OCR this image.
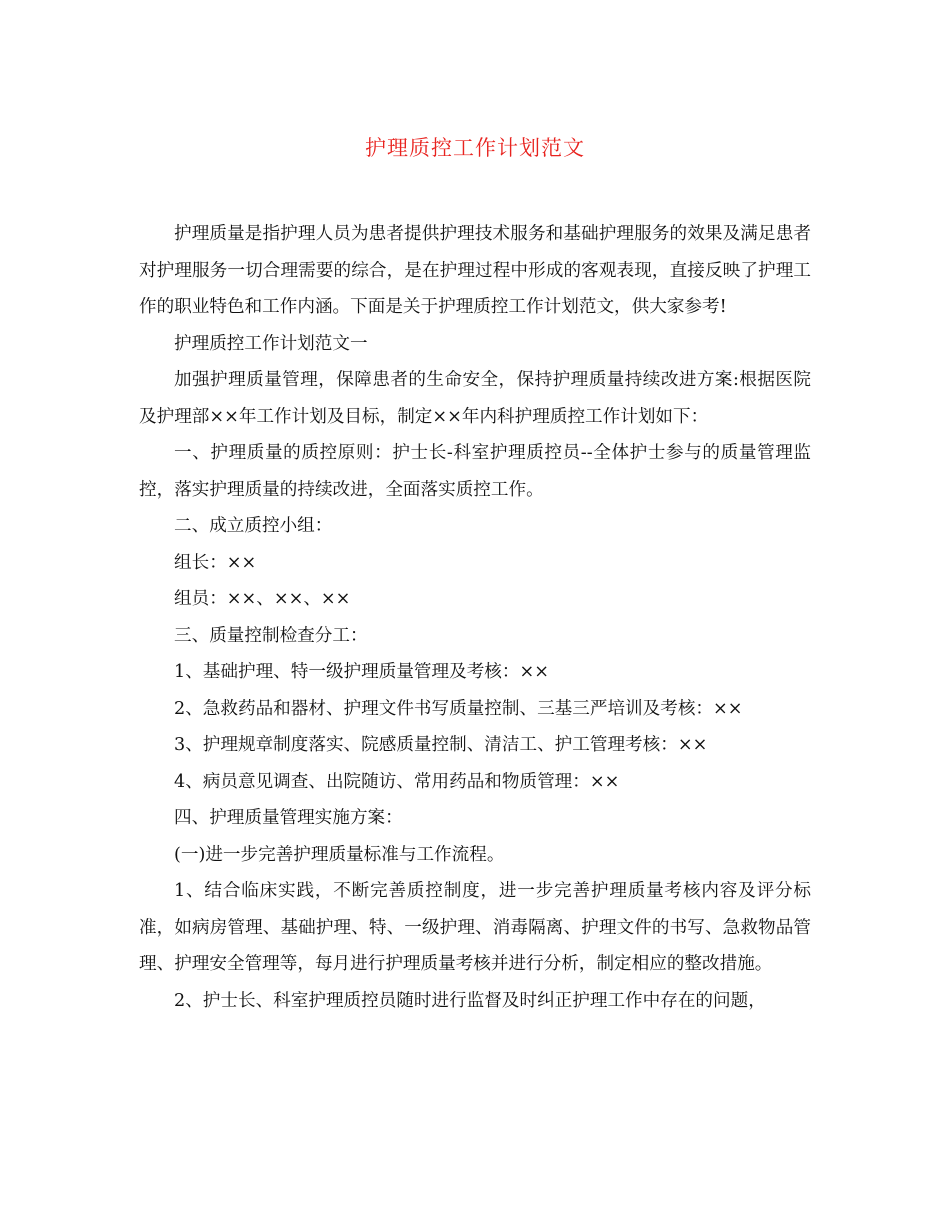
护理质控工作计划范文

护理质量是指护理人员为患者提供护理技术服务和基础护理服务的效果及满足患者对护理服务一切合理需要的综合，是在护理过程中形成的客观表现，直接反映了护理工作的职业特色和工作内涵。下面是关于护理质控工作计划范文，供大家参考!

护理质控工作计划范文一

加强护理质量管理，保障患者的生命安全，保持护理质量持续改进方案:根据医院及护理部××年工作计划及目标，制定××年内科护理质控工作计划如下：

一、护理质量的质控原则：护士长-科室护理质控员--全体护士参与的质量管理监控，落实护理质量的持续改进，全面落实质控工作。

二、成立质控小组：

组长：××

组员：××、××、××

三、质量控制检查分工：

1、基础护理、特一级护理质量管理及考核：××

2、急救药品和器材、护理文件书写质量控制、三基三严培训及考核：××

3、护理规章制度落实、院感质量控制、清洁工、护工管理考核：××

4、病员意见调查、出院随访、常用药品和物质管理：××

四、护理质量管理实施方案：

(一)进一步完善护理质量标准与工作流程。

1、结合临床实践，不断完善质控制度，进一步完善护理质量考核内容及评分标准，如病房管理、基础护理、特、一级护理、消毒隔离、护理文件的书写、急救物品管理、护理安全管理等，每月进行护理质量考核并进行分析，制定相应的整改措施。

2、护士长、科室护理质控员随时进行监督及时纠正护理工作中存在的问题，
